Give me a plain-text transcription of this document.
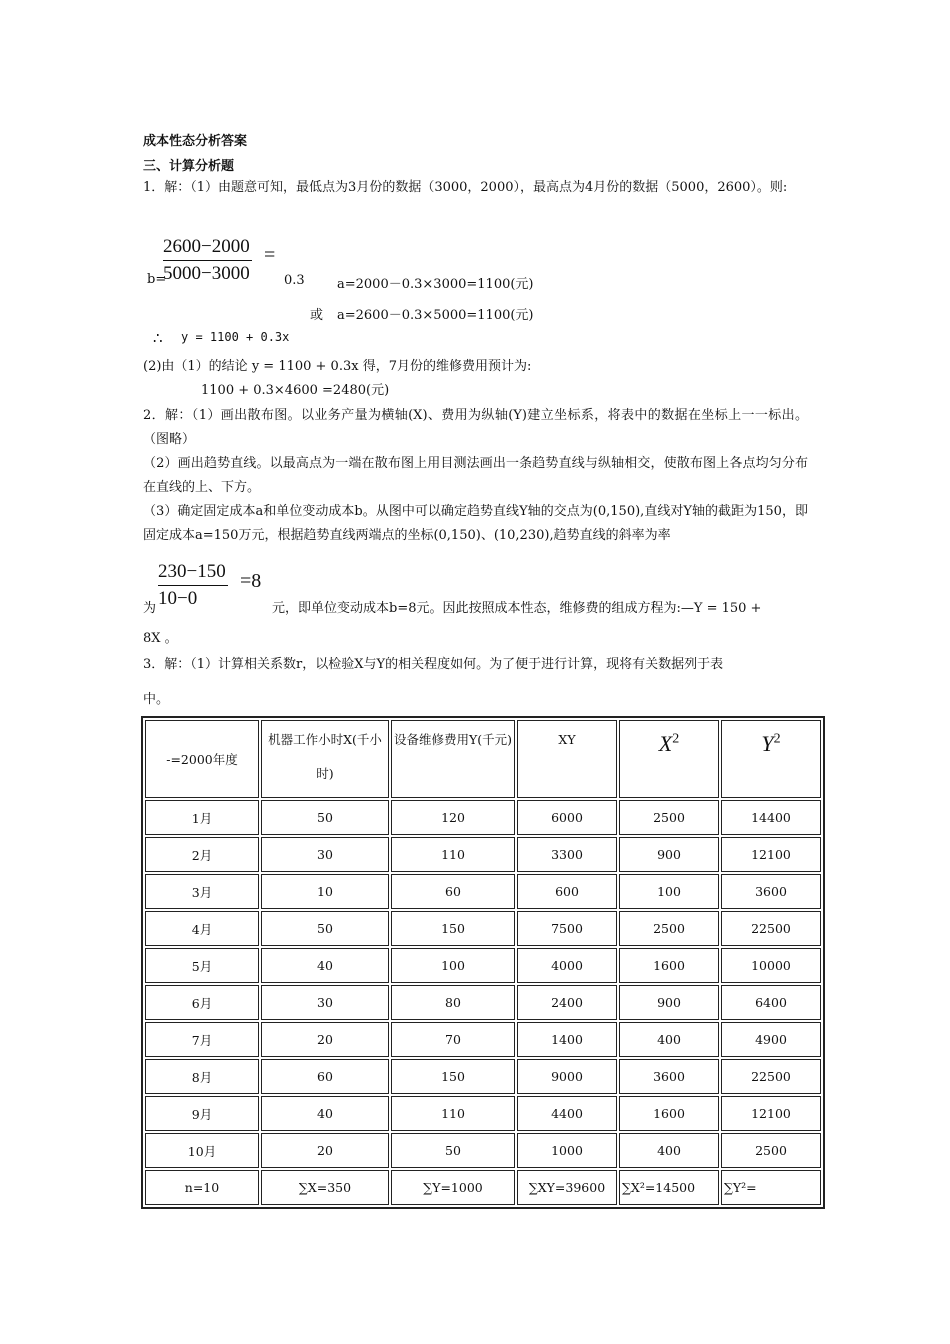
成本性态分析答案
三、计算分析题
1．解：（1）由题意可知，最低点为3月份的数据（3000，2000），最高点为4月份的数据（5000，2600）。则:
b=
$\frac{2600-2000}{5000-3000}$ =
0.3 a=2000－0.3×3000=1100(元)
或 a=2600－0.3×5000=1100(元)
∴ y = 1100 + 0.3x
(2)由（1）的结论 y = 1100 + 0.3x 得，7月份的维修费用预计为:
1100 + 0.3×4600 =2480(元)
2．解：（1）画出散布图。以业务产量为横轴(X)、费用为纵轴(Y)建立坐标系，将表中的数据在坐标上一一标出。（图略）
（2）画出趋势直线。以最高点为一端在散布图上用目测法画出一条趋势直线与纵轴相交，使散布图上各点均匀分布在直线的上、下方。
（3）确定固定成本a和单位变动成本b。从图中可以确定趋势直线Y轴的交点为(0,150),直线对Y轴的截距为150，即固定成本a=150万元，根据趋势直线两端点的坐标(0,150)、(10,230),趋势直线的斜率为率
为 $\frac{230-150}{10-0} =8$
元，即单位变动成本b=8元。因此按照成本性态，维修费的组成方程为:—Y = 150 +
8X 。
3．解：（1）计算相关系数r，以检验X与Y的相关程度如何。为了便于进行计算，现将有关数据列于表
中。
-=2000年度	机器工作小时X(千小时)	设备维修费用Y(千元)	XY	$X^2$	$Y^2$
1月	50	120	6000	2500	14400
2月	30	110	3300	900	12100
3月	10	60	600	100	3600
4月	50	150	7500	2500	22500
5月	40	100	4000	1600	10000
6月	30	80	2400	900	6400
7月	20	70	1400	400	4900
8月	60	150	9000	3600	22500
9月	40	110	4400	1600	12100
10月	20	50	1000	400	2500
n=10	∑X=350	∑Y=1000	∑XY=39600	∑X²=14500	∑Y²=
